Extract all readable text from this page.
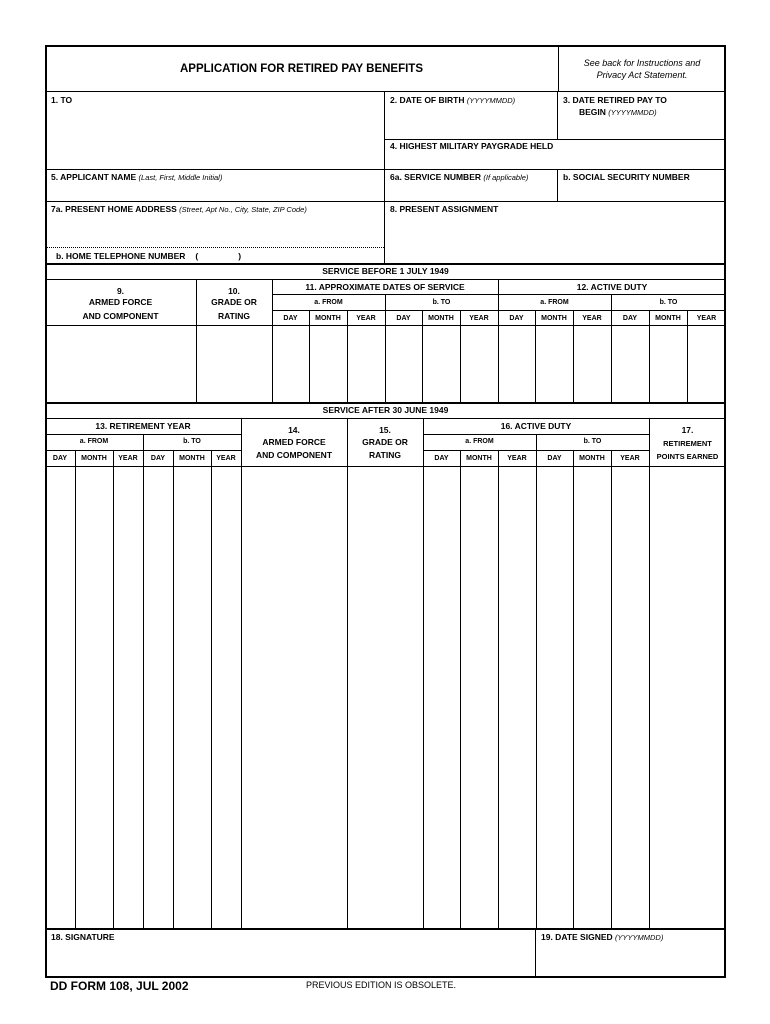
APPLICATION FOR RETIRED PAY BENEFITS	See back for Instructions and
Privacy Act Statement.
1. TO	2. DATE OF BIRTH (YYYYMMDD)	3. DATE RETIRED PAY TO
BEGIN (YYYYMMDD)
4. HIGHEST MILITARY PAYGRADE HELD
5. APPLICANT NAME (Last, First, Middle Initial)	6a. SERVICE NUMBER (If applicable)	b. SOCIAL SECURITY NUMBER
7a. PRESENT HOME ADDRESS (Street, Apt No., City, State, ZIP Code)
b. HOME TELEPHONE NUMBER (	)
8. PRESENT ASSIGNMENT
SERVICE BEFORE 1 JULY 1949
9.
ARMED FORCE
AND COMPONENT
10.
GRADE OR
RATING
11. APPROXIMATE DATES OF SERVICE	12. ACTIVE DUTY
a. FROM	b. TO	a. FROM	b. TO
DAY	MONTH	YEAR	DAY	MONTH	YEAR	DAY	MONTH	YEAR	DAY	MONTH	YEAR
SERVICE AFTER 30 JUNE 1949
13. RETIREMENT YEAR
a. FROM	b. TO
DAY	MONTH	YEAR	DAY	MONTH	YEAR
14.
ARMED FORCE
AND COMPONENT
15.
GRADE OR
RATING
16. ACTIVE DUTY
a. FROM	b. TO
DAY	MONTH	YEAR	DAY	MONTH	YEAR
17.
RETIREMENT
POINTS EARNED
18. SIGNATURE	19. DATE SIGNED (YYYYMMDD)
DD FORM 108, JUL 2002	PREVIOUS EDITION IS OBSOLETE.
